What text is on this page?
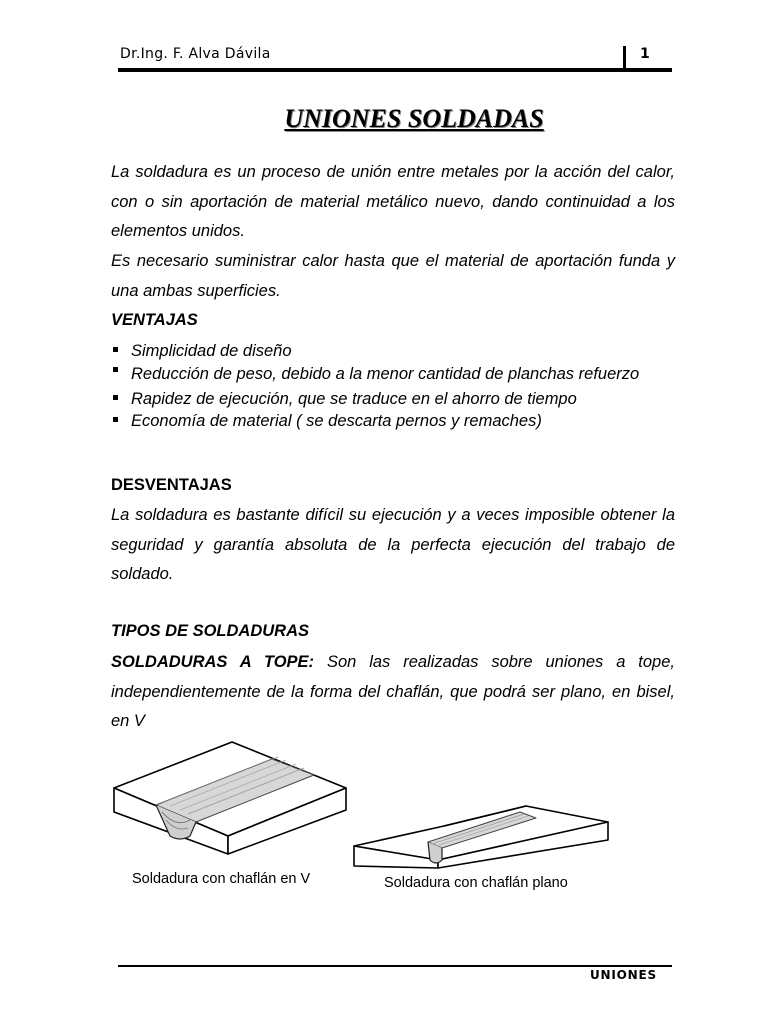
Dr.Ing. F. Alva Dávila	1
UNIONES SOLDADAS
La soldadura es un proceso de unión entre metales por la acción del calor, con o sin aportación de material metálico nuevo, dando continuidad a los elementos unidos.
Es necesario suministrar calor hasta que el material de aportación funda y una ambas superficies.
VENTAJAS
Simplicidad de diseño
Reducción de peso, debido a la menor cantidad de planchas refuerzo
Rapidez de ejecución, que se traduce en el ahorro de tiempo
Economía de material ( se descarta pernos y remaches)
DESVENTAJAS
La soldadura es bastante difícil su ejecución y a veces imposible obtener la seguridad y garantía absoluta de la perfecta ejecución del trabajo de soldado.
TIPOS DE SOLDADURAS
SOLDADURAS A TOPE: Son las realizadas sobre uniones a tope, independientemente de la forma del chaflán, que podrá ser plano, en bisel, en V
Soldadura con chaflán en V	Soldadura con chaflán plano
UNIONES
